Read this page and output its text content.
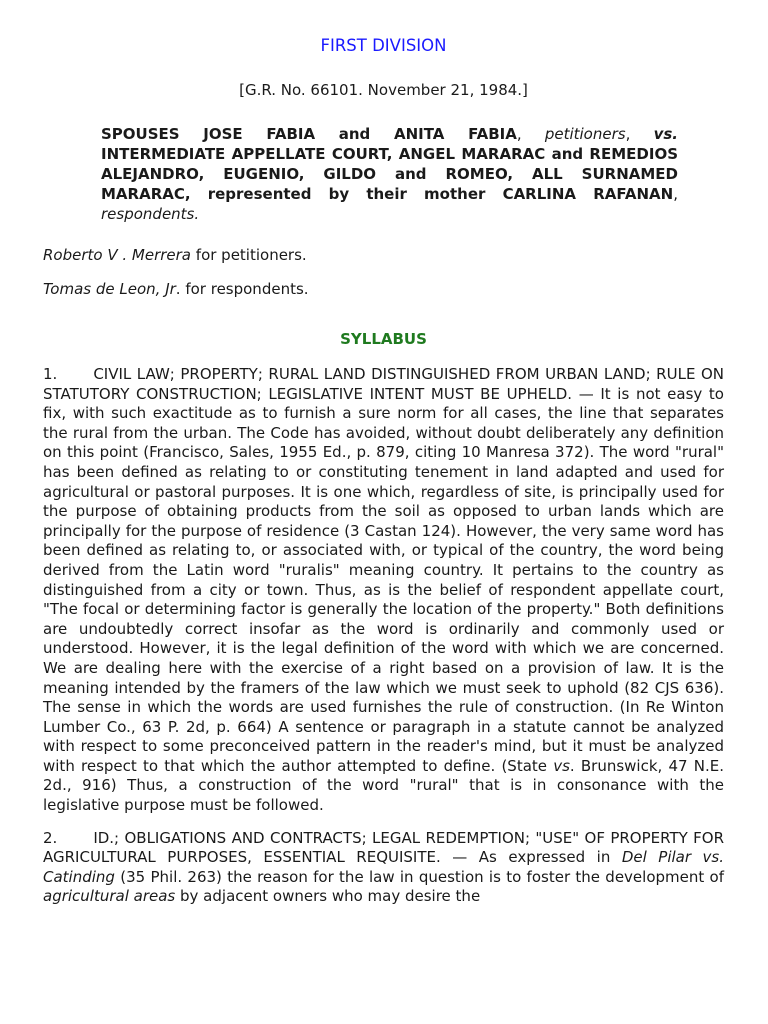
FIRST DIVISION

[G.R. No. 66101. November 21, 1984.]

SPOUSES JOSE FABIA and ANITA FABIA, petitioners, vs. INTERMEDIATE APPELLATE COURT, ANGEL MARARAC and REMEDIOS ALEJANDRO, EUGENIO, GILDO and ROMEO, ALL SURNAMED MARARAC, represented by their mother CARLINA RAFANAN, respondents.

Roberto V . Merrera for petitioners.

Tomas de Leon, Jr. for respondents.

SYLLABUS

1. CIVIL LAW; PROPERTY; RURAL LAND DISTINGUISHED FROM URBAN LAND; RULE ON STATUTORY CONSTRUCTION; LEGISLATIVE INTENT MUST BE UPHELD. — It is not easy to fix, with such exactitude as to furnish a sure norm for all cases, the line that separates the rural from the urban. The Code has avoided, without doubt deliberately any definition on this point (Francisco, Sales, 1955 Ed., p. 879, citing 10 Manresa 372). The word "rural" has been defined as relating to or constituting tenement in land adapted and used for agricultural or pastoral purposes. It is one which, regardless of site, is principally used for the purpose of obtaining products from the soil as opposed to urban lands which are principally for the purpose of residence (3 Castan 124). However, the very same word has been defined as relating to, or associated with, or typical of the country, the word being derived from the Latin word "ruralis" meaning country. It pertains to the country as distinguished from a city or town. Thus, as is the belief of respondent appellate court, "The focal or determining factor is generally the location of the property." Both definitions are undoubtedly correct insofar as the word is ordinarily and commonly used or understood. However, it is the legal definition of the word with which we are concerned. We are dealing here with the exercise of a right based on a provision of law. It is the meaning intended by the framers of the law which we must seek to uphold (82 CJS 636). The sense in which the words are used furnishes the rule of construction. (In Re Winton Lumber Co., 63 P. 2d, p. 664) A sentence or paragraph in a statute cannot be analyzed with respect to some preconceived pattern in the reader's mind, but it must be analyzed with respect to that which the author attempted to define. (State vs. Brunswick, 47 N.E. 2d., 916) Thus, a construction of the word "rural" that is in consonance with the legislative purpose must be followed.

2. ID.; OBLIGATIONS AND CONTRACTS; LEGAL REDEMPTION; "USE" OF PROPERTY FOR AGRICULTURAL PURPOSES, ESSENTIAL REQUISITE. — As expressed in Del Pilar vs. Catinding (35 Phil. 263) the reason for the law in question is to foster the development of agricultural areas by adjacent owners who may desire the
